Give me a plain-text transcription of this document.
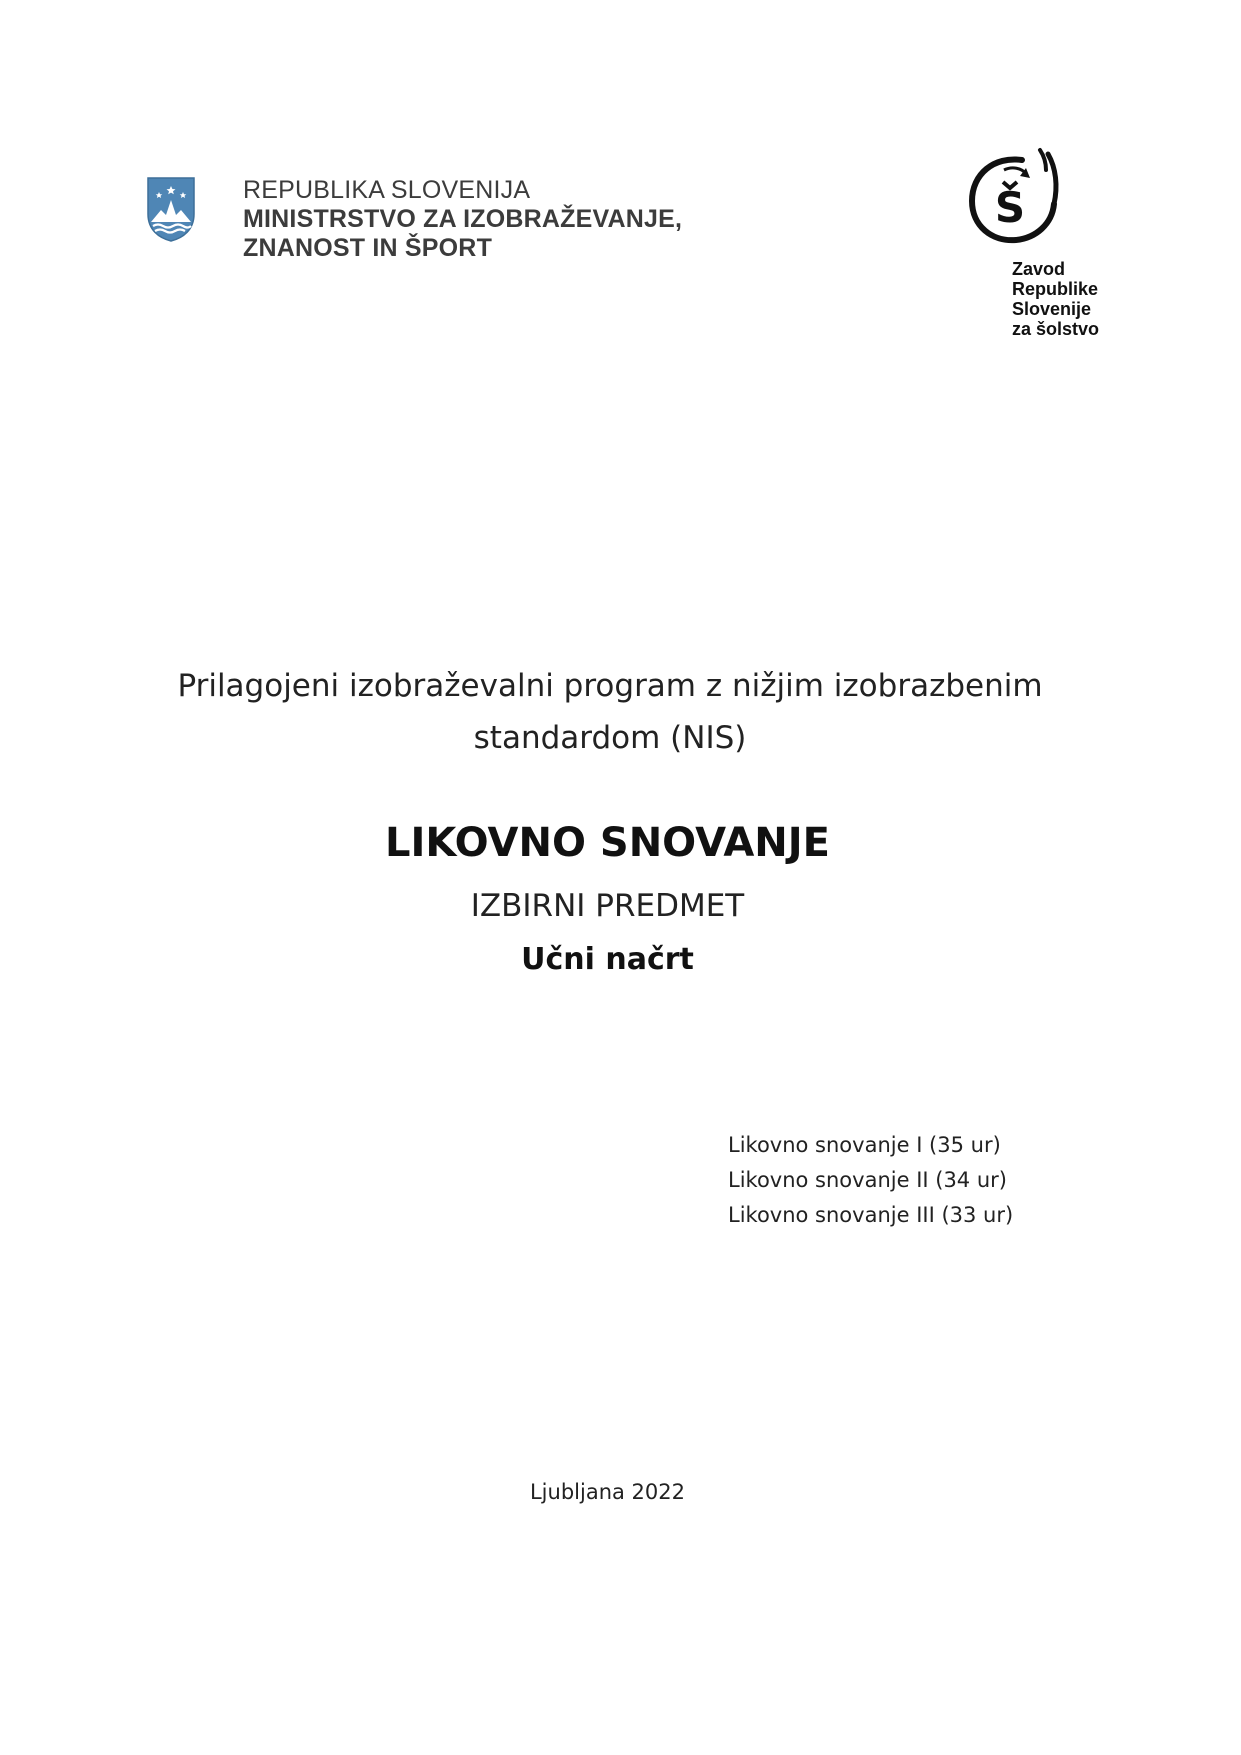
REPUBLIKA SLOVENIJA
MINISTRSTVO ZA IZOBRAŽEVANJE,
ZNANOST IN ŠPORT
S
Zavod
Republike
Slovenije
za šolstvo
Prilagojeni izobraževalni program z nižjim izobrazbenim standardom (NIS)
LIKOVNO SNOVANJE
IZBIRNI PREDMET
Učni načrt
Likovno snovanje I (35 ur)
Likovno snovanje II (34 ur)
Likovno snovanje III (33 ur)
Ljubljana 2022
